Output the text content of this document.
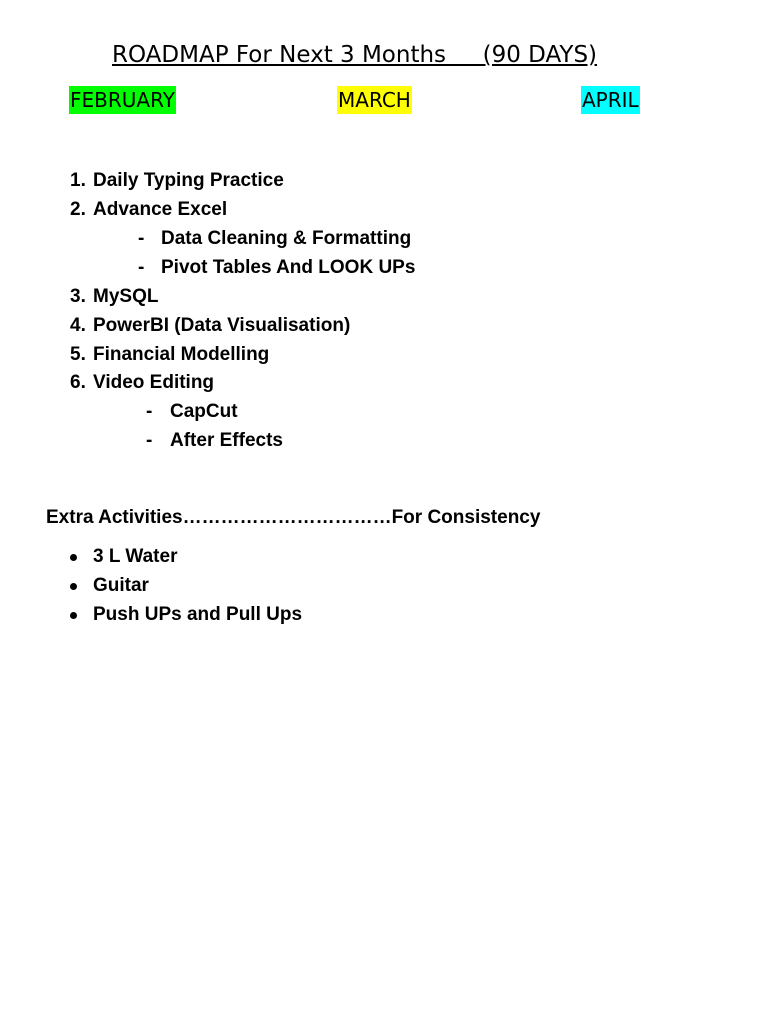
ROADMAP For Next 3 Months     (90 DAYS)
FEBRUARY	MARCH	APRIL
1. Daily Typing Practice
2. Advance Excel
- Data Cleaning & Formatting
- Pivot Tables And LOOK UPs
3. MySQL
4. PowerBI (Data Visualisation)
5. Financial Modelling
6. Video Editing
- CapCut
- After Effects
Extra Activities……………………………For Consistency
3 L Water
Guitar
Push UPs and Pull Ups
